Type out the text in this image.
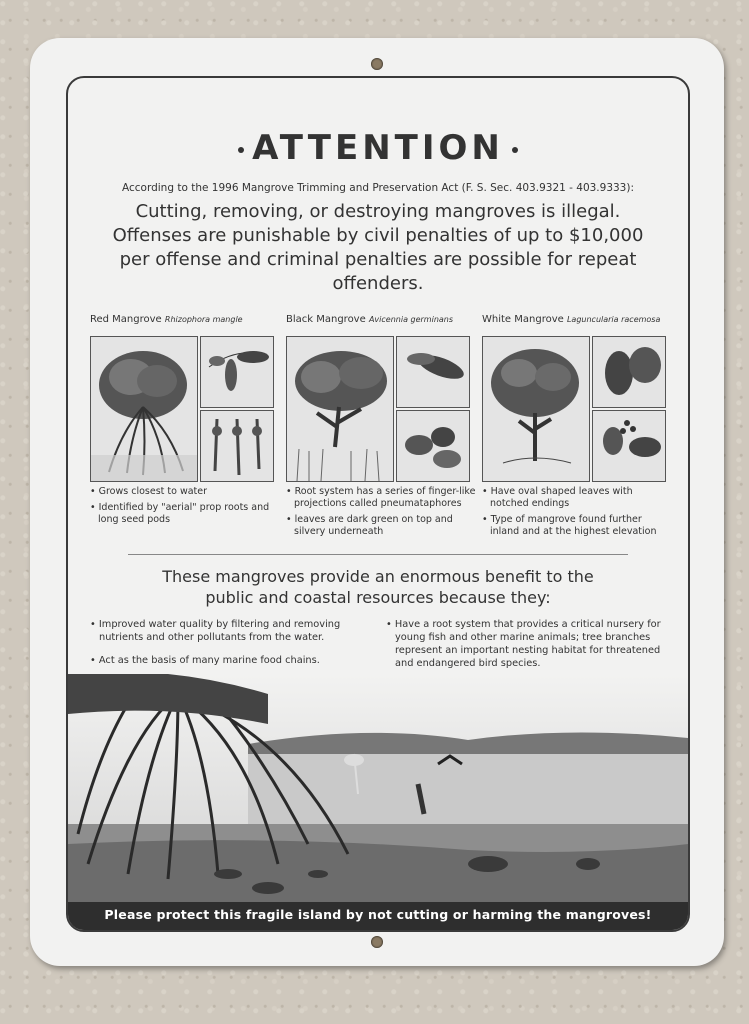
ATTENTION
According to the 1996 Mangrove Trimming and Preservation Act (F. S. Sec. 403.9321 - 403.9333):
Cutting, removing, or destroying mangroves is illegal. Offenses are punishable by civil penalties of up to $10,000 per offense and criminal penalties are possible for repeat offenders.
Red Mangrove Rhizophora mangle
• Grows closest to water
• Identified by "aerial" prop roots and long seed pods
Black Mangrove Avicennia germinans
• Root system has a series of finger-like projections called pneumataphores
• leaves are dark green on top and silvery underneath
White Mangrove Laguncularia racemosa
• Have oval shaped leaves with notched endings
• Type of mangrove found further inland and at the highest elevation
These mangroves provide an enormous benefit to the public and coastal resources because they:
• Improved water quality by filtering and removing nutrients and other pollutants from the water.
• Act as the basis of many marine food chains.
• Have a root system that provides a critical nursery for young fish and other marine animals; tree branches represent an important nesting habitat for threatened and endangered bird species.
Please protect this fragile island by not cutting or harming the mangroves!
